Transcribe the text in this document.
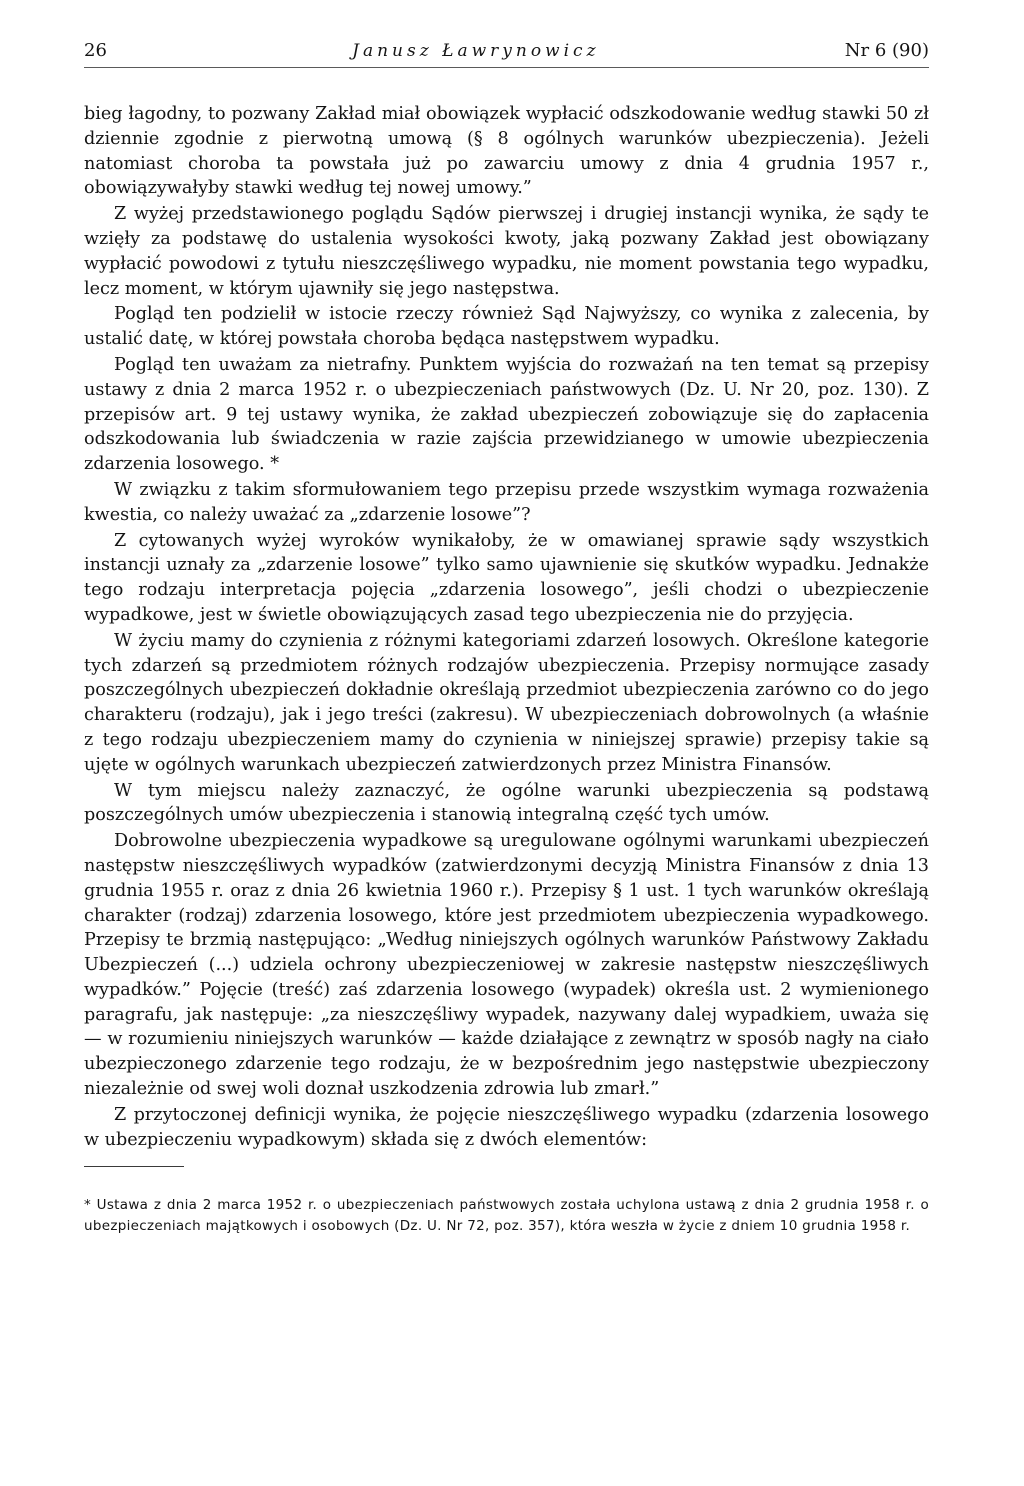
26	Janusz Ławrynowicz	Nr 6 (90)

bieg łagodny, to pozwany Zakład miał obowiązek wypłacić odszkodowanie według stawki 50 zł dziennie zgodnie z pierwotną umową (§ 8 ogólnych warunków ubezpieczenia). Jeżeli natomiast choroba ta powstała już po zawarciu umowy z dnia 4 grudnia 1957 r., obowiązywałyby stawki według tej nowej umowy.”

Z wyżej przedstawionego poglądu Sądów pierwszej i drugiej instancji wynika, że sądy te wzięły za podstawę do ustalenia wysokości kwoty, jaką pozwany Zakład jest obowiązany wypłacić powodowi z tytułu nieszczęśliwego wypadku, nie moment powstania tego wypadku, lecz moment, w którym ujawniły się jego następstwa.

Pogląd ten podzielił w istocie rzeczy również Sąd Najwyższy, co wynika z zalecenia, by ustalić datę, w której powstała choroba będąca następstwem wypadku.

Pogląd ten uważam za nietrafny. Punktem wyjścia do rozważań na ten temat są przepisy ustawy z dnia 2 marca 1952 r. o ubezpieczeniach państwowych (Dz. U. Nr 20, poz. 130). Z przepisów art. 9 tej ustawy wynika, że zakład ubezpieczeń zobowiązuje się do zapłacenia odszkodowania lub świadczenia w razie zajścia przewidzianego w umowie ubezpieczenia zdarzenia losowego. *

W związku z takim sformułowaniem tego przepisu przede wszystkim wymaga rozważenia kwestia, co należy uważać za „zdarzenie losowe”?

Z cytowanych wyżej wyroków wynikałoby, że w omawianej sprawie sądy wszystkich instancji uznały za „zdarzenie losowe” tylko samo ujawnienie się skutków wypadku. Jednakże tego rodzaju interpretacja pojęcia „zdarzenia losowego”, jeśli chodzi o ubezpieczenie wypadkowe, jest w świetle obowiązujących zasad tego ubezpieczenia nie do przyjęcia.

W życiu mamy do czynienia z różnymi kategoriami zdarzeń losowych. Określone kategorie tych zdarzeń są przedmiotem różnych rodzajów ubezpieczenia. Przepisy normujące zasady poszczególnych ubezpieczeń dokładnie określają przedmiot ubezpieczenia zarówno co do jego charakteru (rodzaju), jak i jego treści (zakresu). W ubezpieczeniach dobrowolnych (a właśnie z tego rodzaju ubezpieczeniem mamy do czynienia w niniejszej sprawie) przepisy takie są ujęte w ogólnych warunkach ubezpieczeń zatwierdzonych przez Ministra Finansów.

W tym miejscu należy zaznaczyć, że ogólne warunki ubezpieczenia są podstawą poszczególnych umów ubezpieczenia i stanowią integralną część tych umów.

Dobrowolne ubezpieczenia wypadkowe są uregulowane ogólnymi warunkami ubezpieczeń następstw nieszczęśliwych wypadków (zatwierdzonymi decyzją Ministra Finansów z dnia 13 grudnia 1955 r. oraz z dnia 26 kwietnia 1960 r.). Przepisy § 1 ust. 1 tych warunków określają charakter (rodzaj) zdarzenia losowego, które jest przedmiotem ubezpieczenia wypadkowego. Przepisy te brzmią następująco: „Według niniejszych ogólnych warunków Państwowy Zakładu Ubezpieczeń (...) udziela ochrony ubezpieczeniowej w zakresie następstw nieszczęśliwych wypadków.” Pojęcie (treść) zaś zdarzenia losowego (wypadek) określa ust. 2 wymienionego paragrafu, jak następuje: „za nieszczęśliwy wypadek, nazywany dalej wypadkiem, uważa się — w rozumieniu niniejszych warunków — każde działające z zewnątrz w sposób nagły na ciało ubezpieczonego zdarzenie tego rodzaju, że w bezpośrednim jego następstwie ubezpieczony niezależnie od swej woli doznał uszkodzenia zdrowia lub zmarł.”

Z przytoczonej definicji wynika, że pojęcie nieszczęśliwego wypadku (zdarzenia losowego w ubezpieczeniu wypadkowym) składa się z dwóch elementów:

* Ustawa z dnia 2 marca 1952 r. o ubezpieczeniach państwowych została uchylona ustawą z dnia 2 grudnia 1958 r. o ubezpieczeniach majątkowych i osobowych (Dz. U. Nr 72, poz. 357), która weszła w życie z dniem 10 grudnia 1958 r.
